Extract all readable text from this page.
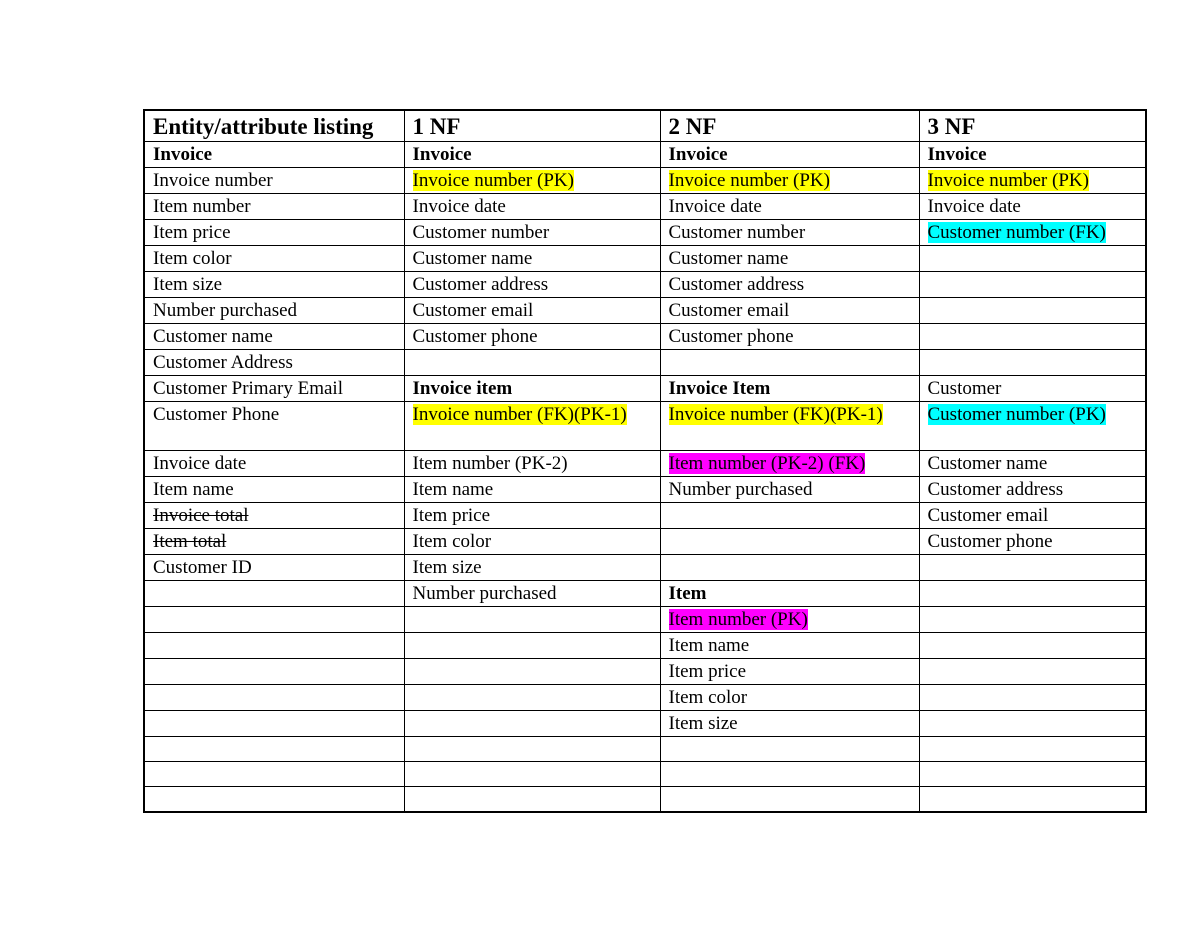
Entity/attribute listing	1 NF	2 NF	3 NF
Invoice	Invoice	Invoice	Invoice
Invoice number	Invoice number (PK)	Invoice number (PK)	Invoice number (PK)
Item number	Invoice date	Invoice date	Invoice date
Item price	Customer number	Customer number	Customer number (FK)
Item color	Customer name	Customer name	
Item size	Customer address	Customer address	
Number purchased	Customer email	Customer email	
Customer name	Customer phone	Customer phone	
Customer Address			
Customer Primary Email	Invoice item	Invoice Item	Customer
Customer Phone	Invoice number (FK)(PK-1)	Invoice number (FK)(PK-1)	Customer number (PK)
Invoice date	Item number (PK-2)	Item number (PK-2) (FK)	Customer name
Item name	Item name	Number purchased	Customer address
Invoice total	Item price		Customer email
Item total	Item color		Customer phone
Customer ID	Item size		
	Number purchased	Item	
		Item number (PK)	
		Item name	
		Item price	
		Item color	
		Item size	
